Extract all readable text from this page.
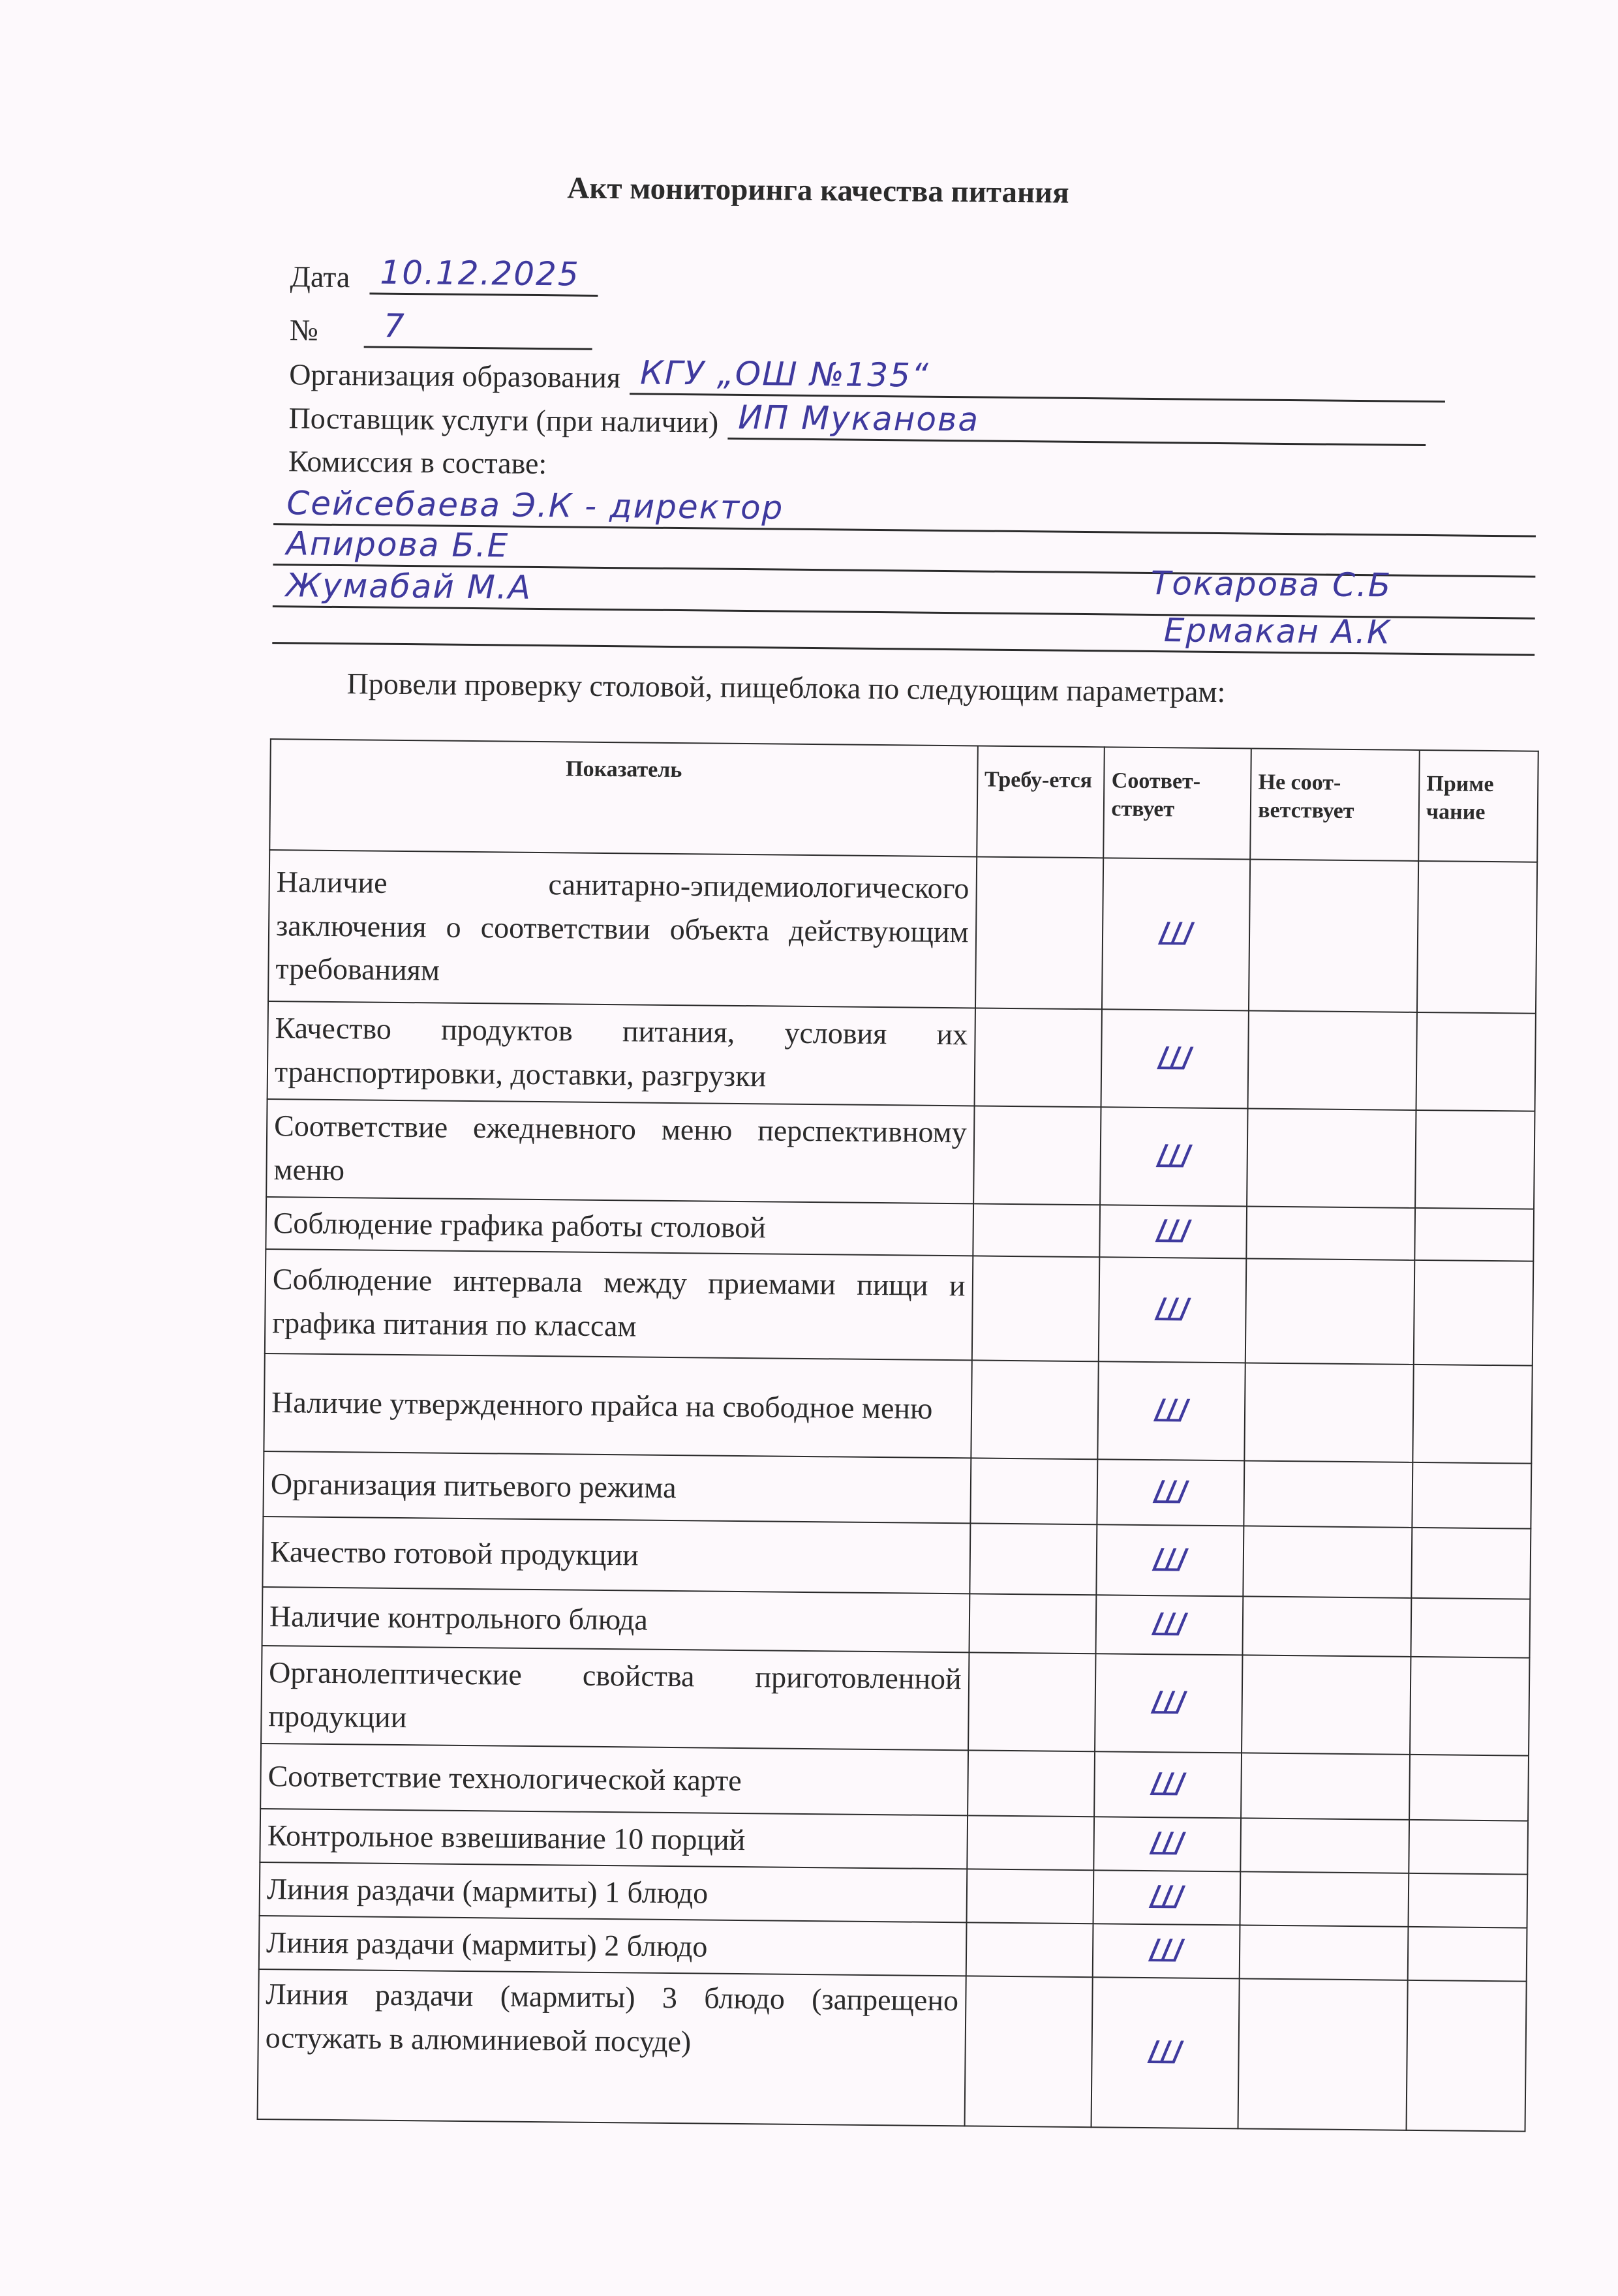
Акт мониторинга качества питания
Дата 10.12.2025
№ 7
Организация образования КГУ „ОШ №135“
Поставщик услуги (при наличии) ИП Муканова
Комиссия в составе:
Сейсебаева Э.К - директор
Апирова Б.Е
Жумабай М.А	Токарова С.Б
Ермакан А.К
Провели проверку столовой, пищеблока по следующим параметрам:
Показатель	Требу-ется	Соответ-ствует	Не соот-ветствует	Приме чание
Наличие санитарно-эпидемиологического заключения о соответствии объекта действующим требованиям		Ш		
Качество продуктов питания, условия их транспортировки, доставки, разгрузки		Ш		
Соответствие ежедневного меню перспективному меню		Ш		
Соблюдение графика работы столовой		Ш		
Соблюдение интервала между приемами пищи и графика питания по классам		Ш		
Наличие утвержденного прайса на свободное меню		Ш		
Организация питьевого режима		Ш		
Качество готовой продукции		Ш		
Наличие контрольного блюда		Ш		
Органолептические свойства приготовленной продукции		Ш		
Соответствие технологической карте		Ш		
Контрольное взвешивание 10 порций		Ш		
Линия раздачи (мармиты) 1 блюдо		Ш		
Линия раздачи (мармиты) 2 блюдо		Ш		
Линия раздачи (мармиты) 3 блюдо (запрещено остужать в алюминиевой посуде)		Ш		
